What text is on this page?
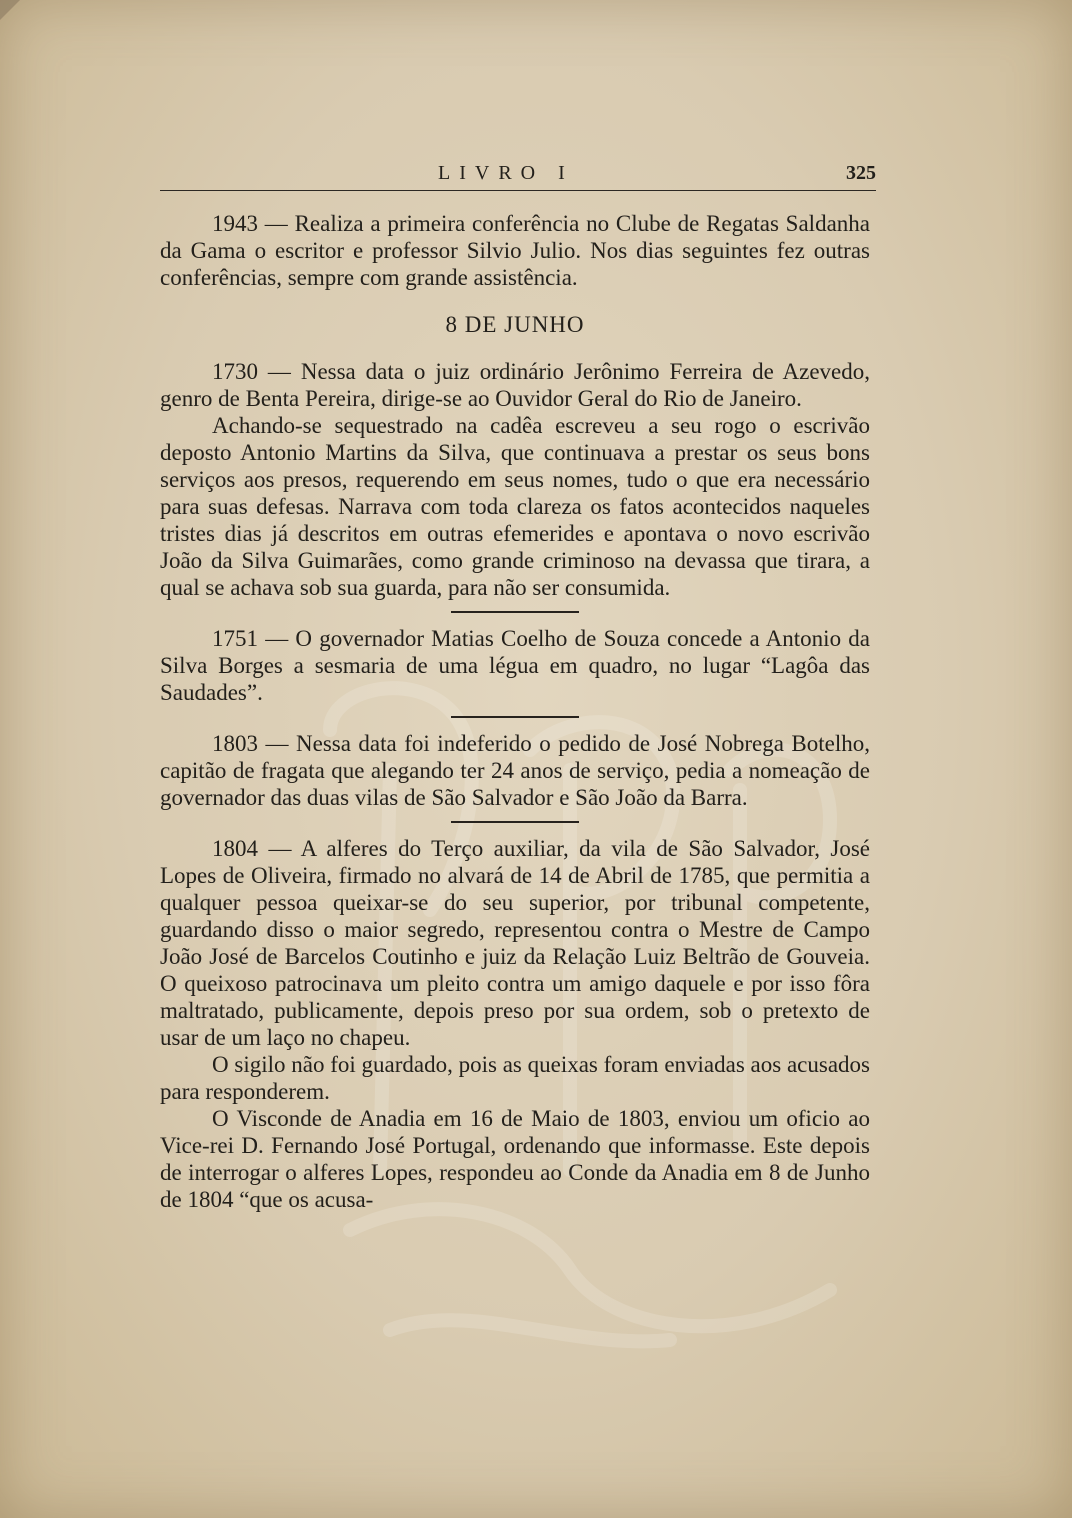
LIVRO I	325

1943 — Realiza a primeira conferência no Clube de Regatas Saldanha da Gama o escritor e professor Silvio Julio. Nos dias seguintes fez outras conferências, sempre com grande assistência.

8 DE JUNHO

1730 — Nessa data o juiz ordinário Jerônimo Ferreira de Azevedo, genro de Benta Pereira, dirige-se ao Ouvidor Geral do Rio de Janeiro.

Achando-se sequestrado na cadêa escreveu a seu rogo o escrivão deposto Antonio Martins da Silva, que continuava a prestar os seus bons serviços aos presos, requerendo em seus nomes, tudo o que era necessário para suas defesas. Narrava com toda clareza os fatos acontecidos naqueles tristes dias já descritos em outras efemerides e apontava o novo escrivão João da Silva Guimarães, como grande criminoso na devassa que tirara, a qual se achava sob sua guarda, para não ser consumida.

1751 — O governador Matias Coelho de Souza concede a Antonio da Silva Borges a sesmaria de uma légua em quadro, no lugar “Lagôa das Saudades”.

1803 — Nessa data foi indeferido o pedido de José Nobrega Botelho, capitão de fragata que alegando ter 24 anos de serviço, pedia a nomeação de governador das duas vilas de São Salvador e São João da Barra.

1804 — A alferes do Terço auxiliar, da vila de São Salvador, José Lopes de Oliveira, firmado no alvará de 14 de Abril de 1785, que permitia a qualquer pessoa queixar-se do seu superior, por tribunal competente, guardando disso o maior segredo, representou contra o Mestre de Campo João José de Barcelos Coutinho e juiz da Relação Luiz Beltrão de Gouveia. O queixoso patrocinava um pleito contra um amigo daquele e por isso fôra maltratado, publicamente, depois preso por sua ordem, sob o pretexto de usar de um laço no chapeu.

O sigilo não foi guardado, pois as queixas foram enviadas aos acusados para responderem.

O Visconde de Anadia em 16 de Maio de 1803, enviou um oficio ao Vice-rei D. Fernando José Portugal, ordenando que informasse. Este depois de interrogar o alferes Lopes, respondeu ao Conde da Anadia em 8 de Junho de 1804 “que os acusa-
